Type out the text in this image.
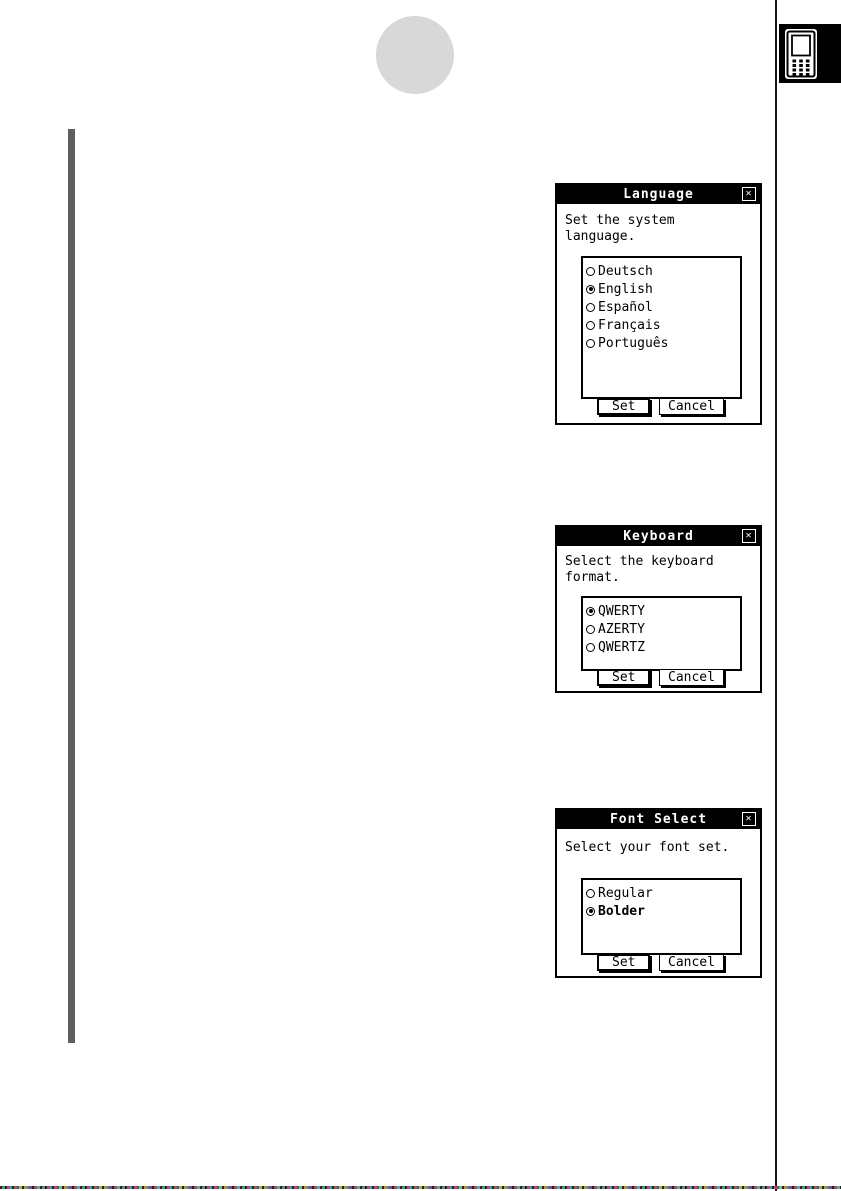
Language	✕
Set the system
language.
Deutsch
English
Español
Français
Português
Set	Cancel
Keyboard	✕
Select the keyboard
format.
QWERTY
AZERTY
QWERTZ
Set	Cancel
Font Select	✕
Select your font set.
Regular
Bolder
Set	Cancel
